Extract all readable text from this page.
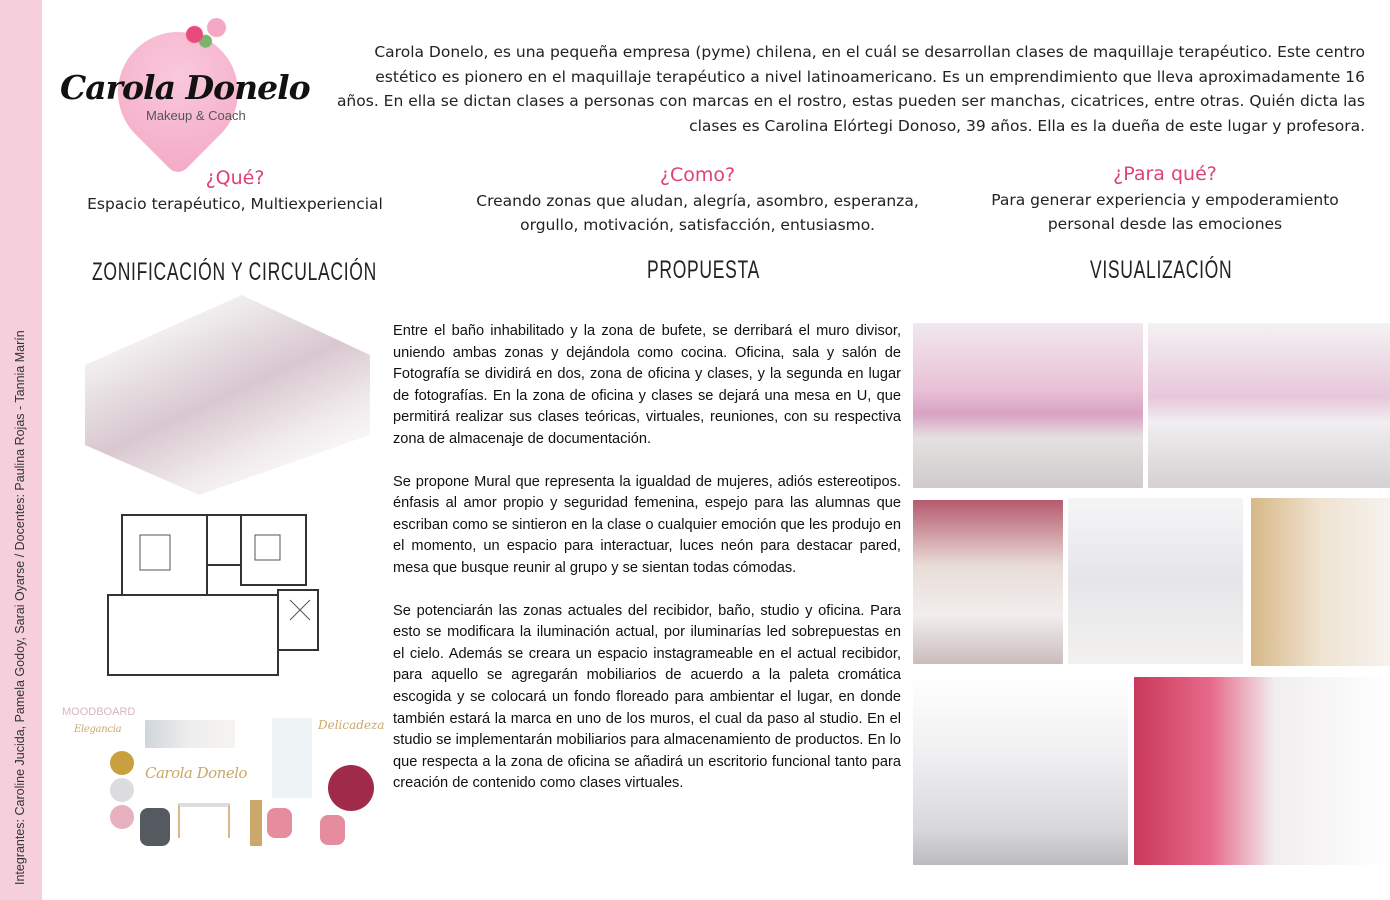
Integrantes: Caroline Jucida, Pamela Godoy, Sarai Oyarse / Docentes: Paulina Rojas - Tannia Marín
Carola Donelo
Makeup & Coach
Carola Donelo, es una pequeña empresa (pyme) chilena, en el cuál se desarrollan clases de maquillaje terapéutico. Este centro estético es pionero en el maquillaje terapéutico a nivel latinoamericano. Es un emprendimiento que lleva aproximadamente 16 años. En ella se dictan clases a personas con marcas en el rostro, estas pueden ser manchas, cicatrices, entre otras. Quién dicta las clases es Carolina Elórtegi Donoso, 39 años. Ella es la dueña de este lugar y profesora.
¿Qué?
Espacio terapéutico, Multiexperiencial
¿Como?
Creando zonas que aludan, alegría, asombro, esperanza, orgullo, motivación, satisfacción, entusiasmo.
¿Para qué?
Para generar experiencia y empoderamiento personal desde las emociones
ZONIFICACIÓN Y CIRCULACIÓN	PROPUESTA	VISUALIZACIÓN
MOODBOARD
Elegancia	Delicadeza
Carola Donelo

Entre el baño inhabilitado y la zona de bufete, se derribará el muro divisor, uniendo ambas zonas y dejándola como cocina. Oficina, sala y salón de Fotografía se dividirá en dos, zona de oficina y clases, y la segunda en lugar de fotografías. En la zona de oficina y clases se dejará una mesa en U, que permitirá realizar sus clases teóricas, virtuales, reuniones, con su respectiva zona de almacenaje de documentación.

Se propone Mural que representa la igualdad de mujeres, adiós estereotipos. énfasis al amor propio y seguridad femenina, espejo para las alumnas que escriban como se sintieron en la clase o cualquier emoción que les produjo en el momento, un espacio para interactuar, luces neón para destacar pared, mesa que busque reunir al grupo y se sientan todas cómodas.

Se potenciarán las zonas actuales del recibidor, baño, studio y oficina. Para esto se modificara la iluminación actual, por iluminarías led sobrepuestas en el cielo. Además se creara un espacio instagrameable en el actual recibidor, para aquello se agregarán mobiliarios de acuerdo a la paleta cromática escogida y se colocará un fondo floreado para ambientar el lugar, en donde también estará la marca en uno de los muros, el cual da paso al studio. En el studio se implementarán mobiliarios para almacenamiento de productos. En lo que respecta a la zona de oficina se añadirá un escritorio funcional tanto para creación de contenido como clases virtuales.
